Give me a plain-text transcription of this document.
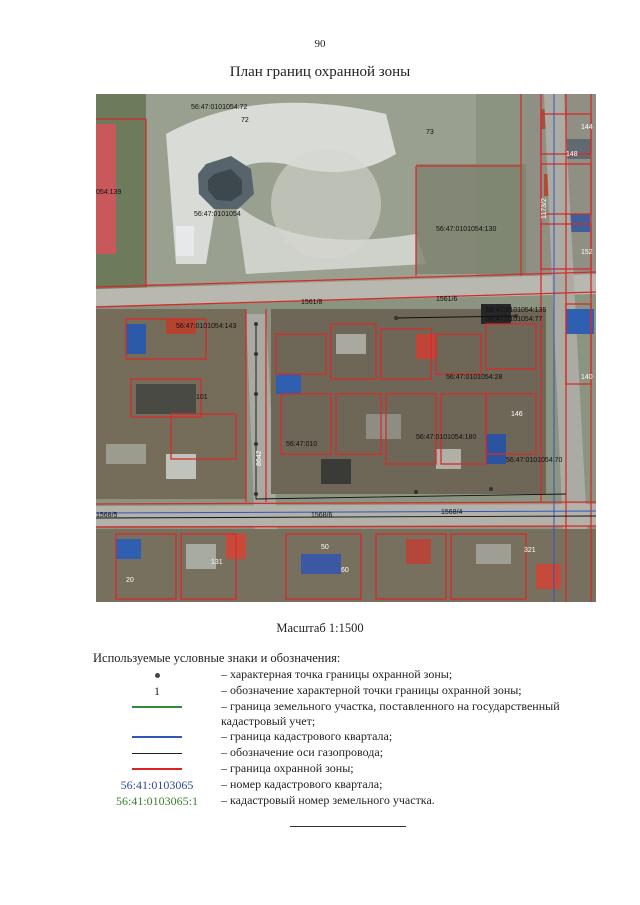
90
План границ охранной зоны
56:47:0101054:72
72
73
054:139
56:47:0101054
56:47:0101054:130
1561/8	1561/6
56:47:0101054:143
56:47:0101054:135
56:47:0101054:77
56:47:0101054:28
56:47:010
56:47:0101054:180
56:47:0101054:70
1568/5	1568/6	1568/4
144
148
140
146
152
321
20
131
50
60
101
1173/2
8642
Масштаб 1:1500
Используемые условные знаки и обозначения:
– характерная точка границы охранной зоны;
1	– обозначение характерной точки границы охранной зоны;
– граница земельного участка, поставленного на государственный кадастровый учет;
– граница кадастрового квартала;
– обозначение оси газопровода;
– граница охранной зоны;
56:41:0103065 – номер кадастрового квартала;
56:41:0103065:1 – кадастровый номер земельного участка.
